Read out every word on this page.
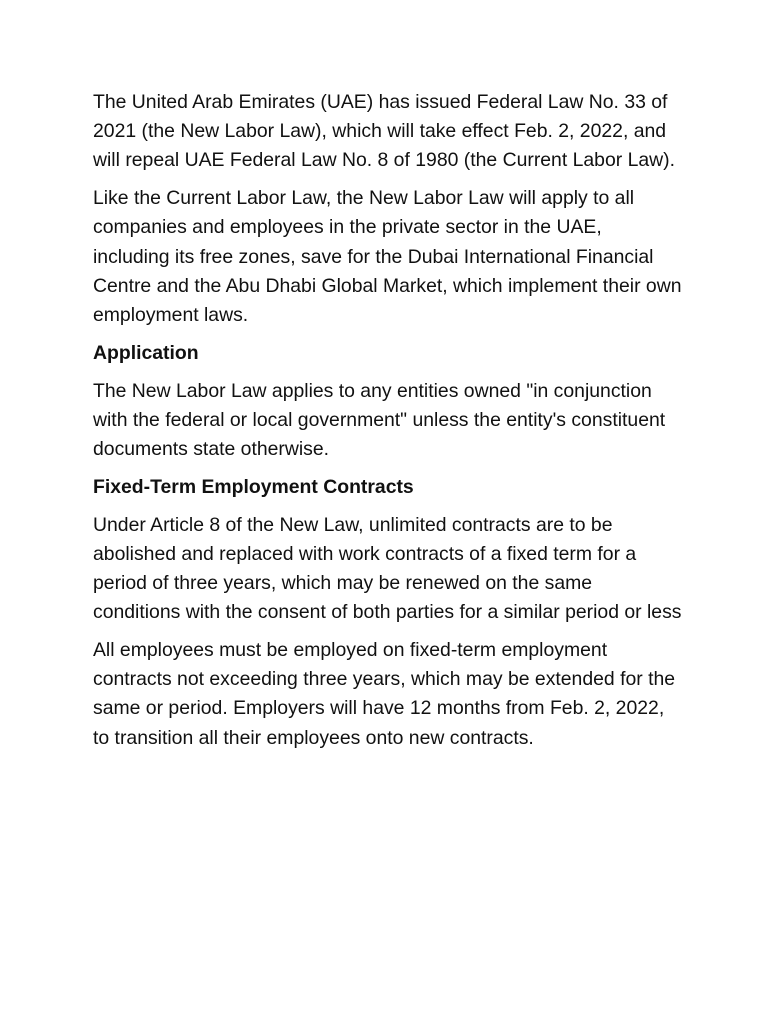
The United Arab Emirates (UAE) has issued Federal Law No. 33 of 2021 (the New Labor Law), which will take effect Feb. 2, 2022, and will repeal UAE Federal Law No. 8 of 1980 (the Current Labor Law).

Like the Current Labor Law, the New Labor Law will apply to all companies and employees in the private sector in the UAE, including its free zones, save for the Dubai International Financial Centre and the Abu Dhabi Global Market, which implement their own employment laws.

Application

The New Labor Law applies to any entities owned "in conjunction with the federal or local government" unless the entity's constituent documents state otherwise.

Fixed-Term Employment Contracts

Under Article 8 of the New Law, unlimited contracts are to be abolished and replaced with work contracts of a fixed term for a period of three years, which may be renewed on the same conditions with the consent of both parties for a similar period or less

All employees must be employed on fixed-term employment contracts not exceeding three years, which may be extended for the same or period. Employers will have 12 months from Feb. 2, 2022, to transition all their employees onto new contracts.
